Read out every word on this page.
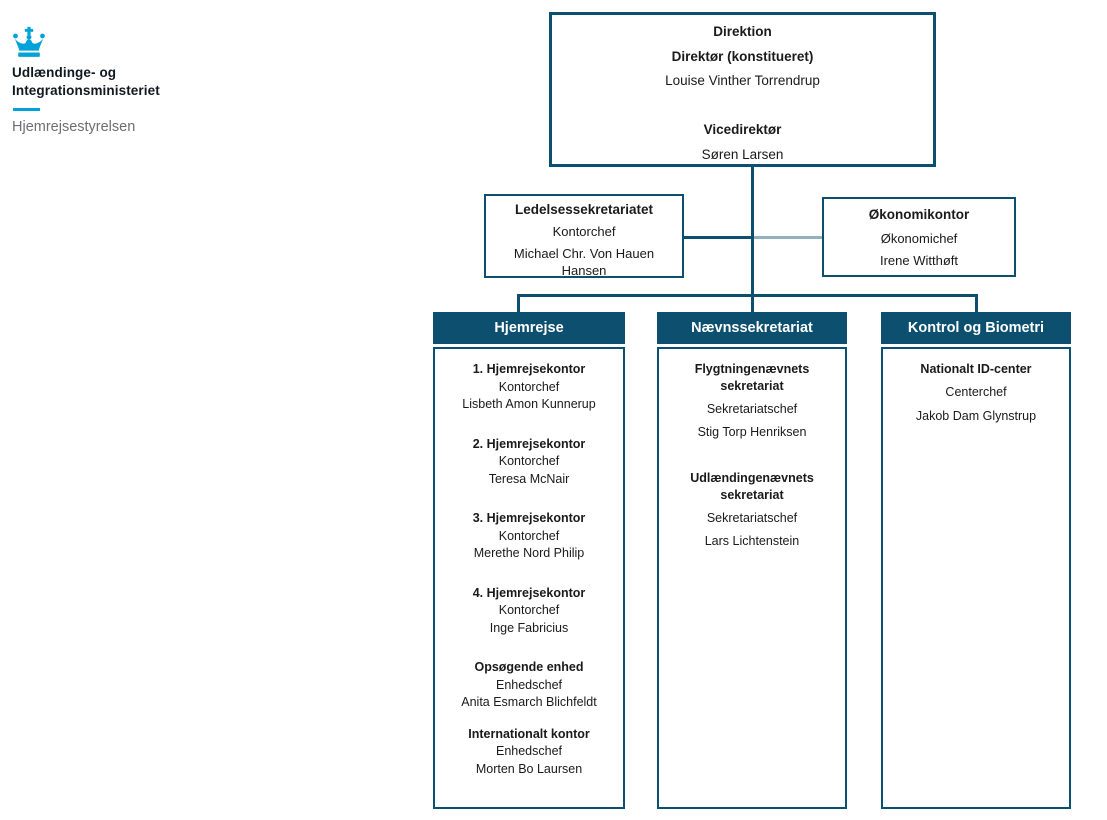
Udlændinge- og
Integrationsministeriet
Hjemrejsestyrelsen
Direktion
Direktør (konstitueret)
Louise Vinther Torrendrup

Vicedirektør
Søren Larsen
Ledelsessekretariatet
Kontorchef
Michael Chr. Von Hauen Hansen
Økonomikontor
Økonomichef
Irene Witthøft
Hjemrejse	Nævnssekretariat	Kontrol og Biometri
1. Hjemrejsekontor
Kontorchef
Lisbeth Amon Kunnerup
2. Hjemrejsekontor
Kontorchef
Teresa McNair
3. Hjemrejsekontor
Kontorchef
Merethe Nord Philip
4. Hjemrejsekontor
Kontorchef
Inge Fabricius
Opsøgende enhed
Enhedschef
Anita Esmarch Blichfeldt
Internationalt kontor
Enhedschef
Morten Bo Laursen
Flygtningenævnets sekretariat
Sekretariatschef
Stig Torp Henriksen
Udlændingenævnets sekretariat
Sekretariatschef
Lars Lichtenstein
Nationalt ID-center
Centerchef
Jakob Dam Glynstrup
